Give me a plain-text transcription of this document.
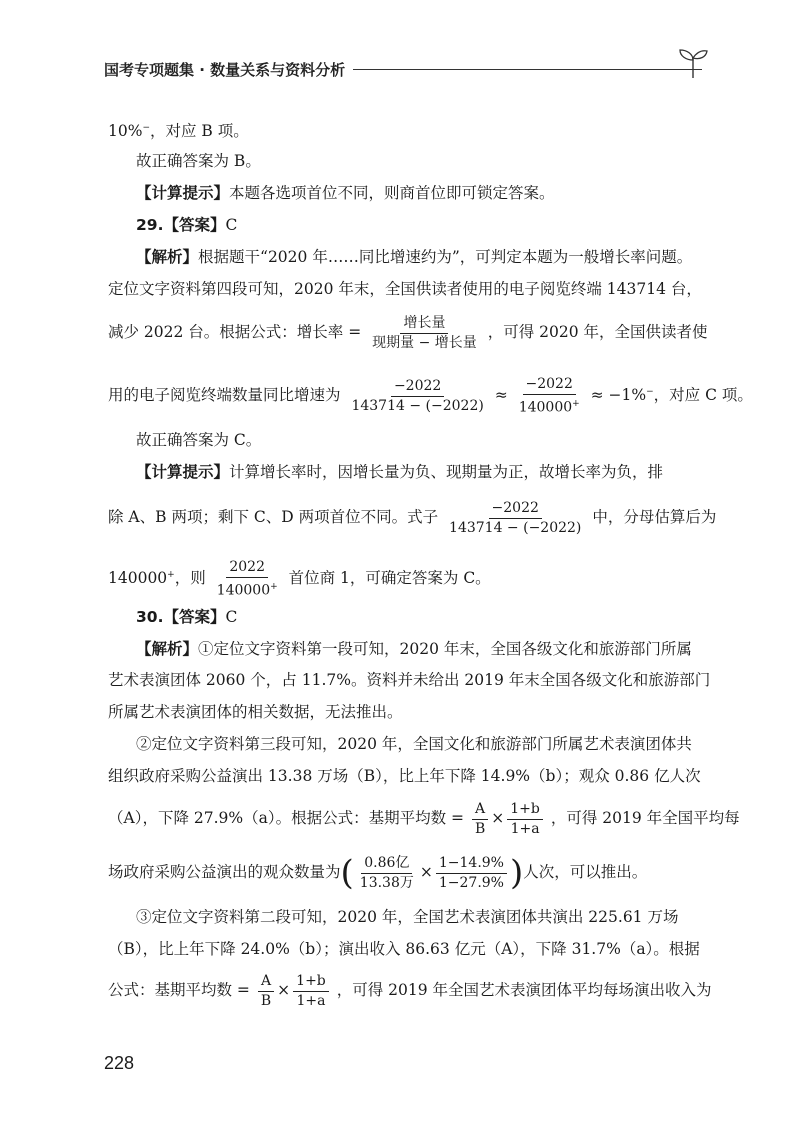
国考专项题集 · 数量关系与资料分析
10%−，对应 B 项。
故正确答案为 B。
【计算提示】本题各选项首位不同，则商首位即可锁定答案。
29.【答案】C
【解析】根据题干“2020 年……同比增速约为”，可判定本题为一般增长率问题。
定位文字资料第四段可知，2020 年末，全国供读者使用的电子阅览终端 143714 台，
减少 2022 台。根据公式：增长率 = $\frac{\text{增长量}}{\text{现期量 − 增长量}}$ ，可得 2020 年，全国供读者使
用的电子阅览终端数量同比增速为 $\frac{-2022}{143714 - (-2022)} \approx \frac{-2022}{140000^+} \approx -1\%^-$，对应 C 项。
故正确答案为 C。
【计算提示】计算增长率时，因增长量为负、现期量为正，故增长率为负，排
除 A、B 两项；剩下 C、D 两项首位不同。式子 $\frac{-2022}{143714 - (-2022)}$ 中，分母估算后为
140000+，则 $\frac{2022}{140000^+}$ 首位商 1，可确定答案为 C。
30.【答案】C
【解析】①定位文字资料第一段可知，2020 年末，全国各级文化和旅游部门所属
艺术表演团体 2060 个，占 11.7%。资料并未给出 2019 年末全国各级文化和旅游部门
所属艺术表演团体的相关数据，无法推出。
②定位文字资料第三段可知，2020 年，全国文化和旅游部门所属艺术表演团体共
组织政府采购公益演出 13.38 万场（B），比上年下降 14.9%（b）；观众 0.86 亿人次
（A），下降 27.9%（a）。根据公式：基期平均数 = $\frac{A}{B} \times \frac{1+b}{1+a}$ ，可得 2019 年全国平均每
场政府采购公益演出的观众数量为( $\frac{\text{0.86亿}}{\text{13.38万}} \times \frac{1-14.9\%}{1-27.9\%}$ )人次，可以推出。
③定位文字资料第二段可知，2020 年，全国艺术表演团体共演出 225.61 万场
（B），比上年下降 24.0%（b）；演出收入 86.63 亿元（A），下降 31.7%（a）。根据
公式：基期平均数 = $\frac{A}{B} \times \frac{1+b}{1+a}$ ，可得 2019 年全国艺术表演团体平均每场演出收入为
228
